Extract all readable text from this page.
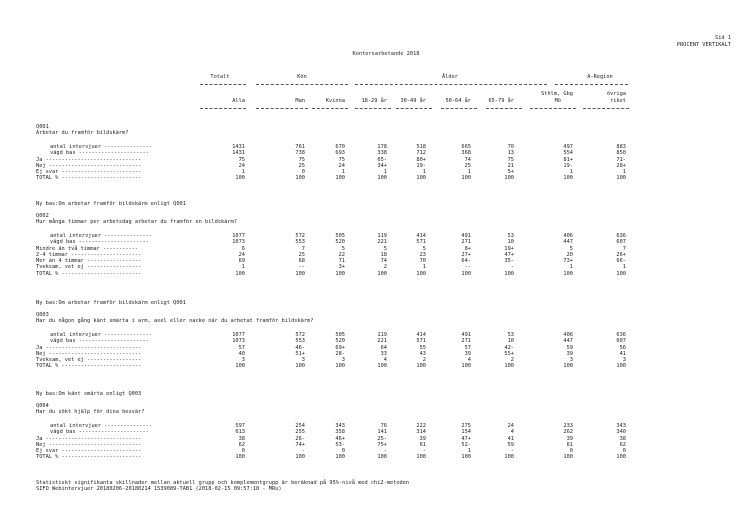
Sid 1
PROCENT VERTIKALT
Kontorsarbetande 2018
Totalt	Kön	Ålder	A-Region
Alla	Man	Kvinna	18-29 år	30-49 år	50-64 år	65-79 år
Sthlm, Gbg	övriga
riket
Mö
Q001
Arbetar du framför bildskärm?
antal intervjuer ---------------	1431	761	670	178	518	665	70	497	883
vägd bas ----------------------	1431	738	693	338	712	368	13	554	850
Ja ------------------------------	75	75	75	65-	80+	74	75	81+	71-
Nej -----------------------------	24	25	24	34+	19-	25	21	19-	28+
Ej svar -------------------------	1	0	1	1	1	1	5+	1	1
TOTAL % -------------------------	100	100	100	100	100	100	100	100	100
Ny bas:Om arbetar framför bildskärm enligt Q001
Q002
Hur många timmar per arbetsdag arbetar du framför en bildskärm?
antal intervjuer ---------------	1077	572	505	119	414	491	53	406	636
vägd bas ----------------------	1073	553	520	221	571	271	10	447	607
Mindre än två timmar -----------	6	7	5	5	5	8+	19+	5	7
2-4 timmar ----------------------	24	25	22	18	23	27+	47+	20	26+
Mer än 4 timmar -----------------	69	68	71	74	70	64-	35-	73+	66-
Tveksam, vet ej -----------------	1	--	3+	2	1	--	-	1	1
TOTAL % -------------------------	100	100	100	100	100	100	100	100	100
Ny bas:Om arbetar framför bildskärm enligt Q001
Q003
Har du någon gång känt smärta i arm, axel eller nacke när du arbetat framför bildskärm?
antal intervjuer ---------------	1077	572	505	119	414	491	53	406	636
vägd bas ----------------------	1073	553	520	221	571	271	10	447	607
Ja ------------------------------	57	46-	69+	64	55	57	42-	59	56
Nej -----------------------------	40	51+	28-	33	43	39	55+	39	41
Tveksam, vet ej -----------------	3	3	3	4	2	4	2	3	3
TOTAL % -------------------------	100	100	100	100	100	100	100	100	100
Ny bas:Om känt smärta enligt Q003
Q004
Har du sökt hjälp för dina besvär?
antal intervjuer ---------------	597	254	343	76	222	275	24	233	343
vägd bas ----------------------	613	255	358	141	314	154	4	262	340
Ja ------------------------------	38	26-	46+	25-	39	47+	41	39	38
Nej -----------------------------	62	74+	53-	75+	61	52-	59	61	62
Ej svar -------------------------	0	-	0	-	-	1	-	0	0
TOTAL % -------------------------	100	100	100	100	100	100	100	100	100
Statistiskt signifikanta skillnader mellan aktuell grupp och komplementgrupp är beräknad på 95%-nivå med chi2-metoden
SIFO Webintervjuer 20180206-20180214 1539089-TAB1 (2018-02-15 09:57:18 - MRu)
